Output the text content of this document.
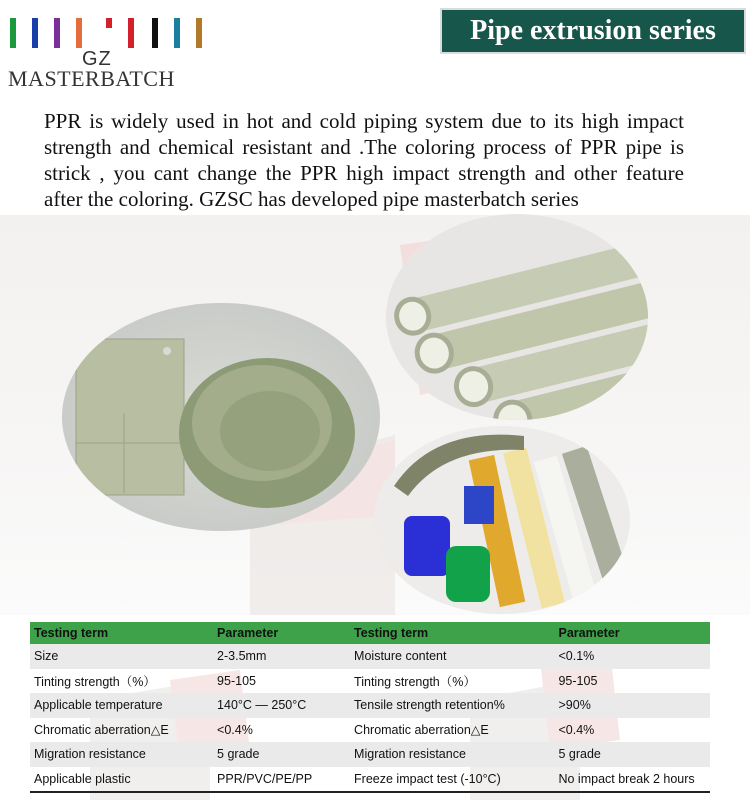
GZ
MASTERBATCH
Pipe extrusion series
PPR is widely used in hot and cold piping system due to its high impact strength and chemical resistant and .The coloring process of PPR pipe is strick , you cant change the PPR high impact strength and other feature after the coloring. GZSC has developed pipe masterbatch series
Testing term	Parameter	Testing term	Parameter
Size	2-3.5mm	Moisture content	<0.1%
Tinting strength（%）	95-105	Tinting strength（%）	95-105
Applicable temperature	140°C — 250°C	Tensile strength retention%	>90%
Chromatic aberration△E	<0.4%	Chromatic aberration△E	<0.4%
Migration resistance	5 grade	Migration resistance	5 grade
Applicable plastic	PPR/PVC/PE/PP	Freeze impact test (-10°C)	No impact break 2 hours
